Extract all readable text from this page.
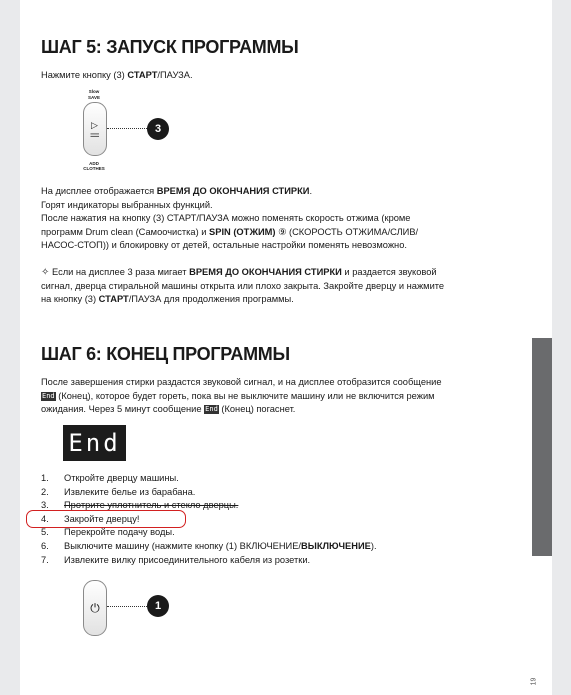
19
ШАГ 5: ЗАПУСК ПРОГРАММЫ

Нажмите кнопку (3) СТАРТ/ПАУЗА.

Slow
SAVE
▷ ||
ADD CLOTHES
3

На дисплее отображается ВРЕМЯ ДО ОКОНЧАНИЯ СТИРКИ.

Горят индикаторы выбранных функций.

После нажатия на кнопку (3) СТАРТ/ПАУЗА можно поменять скорость отжима (кроме

программ Drum clean (Самоочистка) и SPIN (ОТЖИМ) ⑨ (СКОРОСТЬ ОТЖИМА/СЛИВ/

НАСОС-СТОП)) и блокировку от детей, остальные настройки поменять невозможно.

✧ Если на дисплее 3 раза мигает ВРЕМЯ ДО ОКОНЧАНИЯ СТИРКИ и раздается звуковой

сигнал, дверца стиральной машины открыта или плохо закрыта. Закройте дверцу и нажмите

на кнопку (3) СТАРТ/ПАУЗА для продолжения программы.

ШАГ 6: КОНЕЦ ПРОГРАММЫ

После завершения стирки раздастся звуковой сигнал, и на дисплее отобразится сообщение

End (Конец), которое будет гореть, пока вы не выключите машину или не включится режим

ожидания. Через 5 минут сообщение End (Конец) погаснет.

End
1. Откройте дверцу машины.
2. Извлеките белье из барабана.
3. Протрите уплотнитель и стекло дверцы.
4. Закройте дверцу!
5. Перекройте подачу воды.
6. Выключите машину (нажмите кнопку (1) ВКЛЮЧЕНИЕ/ВЫКЛЮЧЕНИЕ).
7. Извлеките вилку присоединительного кабеля из розетки.
⏻	1
